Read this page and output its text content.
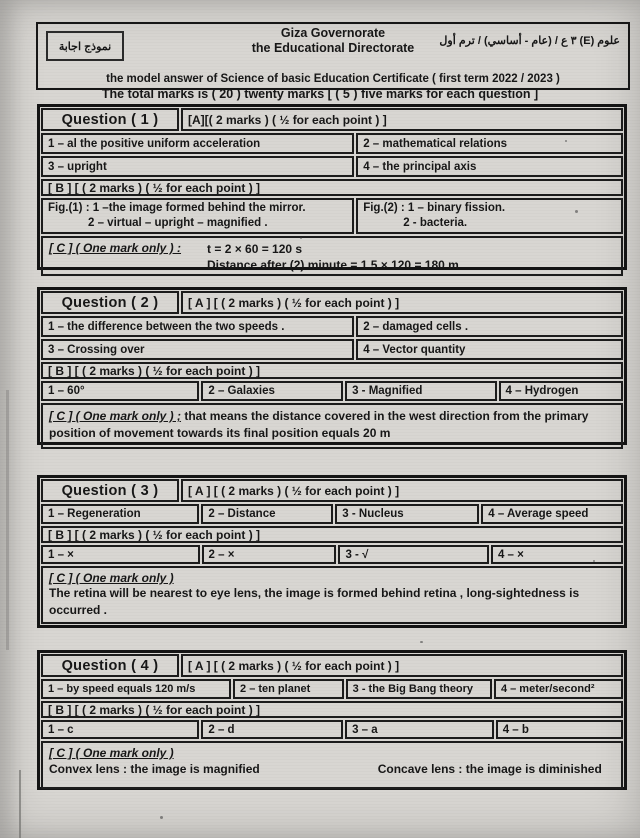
نموذج اجابة
Giza Governorate
the Educational Directorate	علوم (E) ٣ ع / (عام - أساسي) / ترم أول
the model answer of Science of basic Education Certificate ( first term 2022 / 2023 )
The total marks is ( 20 ) twenty marks [ ( 5 ) five marks for each question ]
Question ( 1 )	[A][( 2 marks ) ( ½ for each point ) ]
1 – al the positive uniform acceleration	2 – mathematical relations
3 – upright	4 – the principal axis
[ B ] [ ( 2 marks ) ( ½ for each point ) ]
Fig.(1) : 1 –the image formed behind the mirror.
2 – virtual – upright – magnified .
Fig.(2) : 1 – binary fission.
2 - bacteria.
[ C ] ( One mark only ) : t = 2 × 60 = 120 s
Distance after (2) minute = 1.5 × 120 = 180 m
Question ( 2 )	[ A ] [ ( 2 marks ) ( ½ for each point ) ]
1 – the difference between the two speeds .	2 – damaged cells .
3 – Crossing over	4 – Vector quantity
[ B ] [ ( 2 marks ) ( ½ for each point ) ]
1 – 60°	2 – Galaxies	3 - Magnified	4 – Hydrogen
[ C ] ( One mark only ) ; that means the distance covered in the west direction from the primary position of movement towards its final position equals 20 m
Question ( 3 )	[ A ] [ ( 2 marks ) ( ½ for each point ) ]
1 – Regeneration	2 – Distance	3 - Nucleus	4 – Average speed
[ B ] [ ( 2 marks ) ( ½ for each point ) ]
1 – ×	2 – ×	3 - √	4 – ×
[ C ] ( One mark only )
The retina will be nearest to eye lens, the image is formed behind retina , long-sightedness is occurred .
Question ( 4 )	[ A ] [ ( 2 marks ) ( ½ for each point ) ]
1 – by speed equals 120 m/s	2 – ten planet	3 - the Big Bang theory	4 – meter/second²
[ B ] [ ( 2 marks ) ( ½ for each point ) ]
1 – c	2 – d	3 – a	4 – b
[ C ] ( One mark only )
Convex lens : the image is magnified	Concave lens : the image is diminished
